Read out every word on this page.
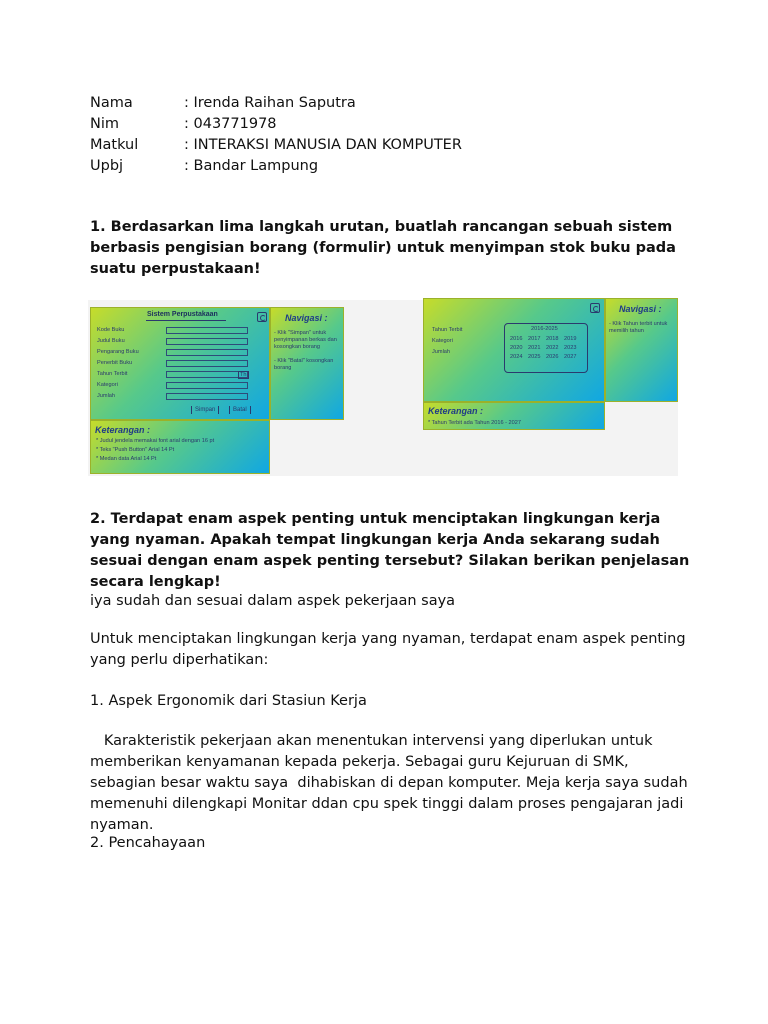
Nama	: Irenda Raihan Saputra
Nim	: 043771978
Matkul	: INTERAKSI MANUSIA DAN KOMPUTER
Upbj	: Bandar Lampung
1. Berdasarkan lima langkah urutan, buatlah rancangan sebuah sistem berbasis pengisian borang (formulir) untuk menyimpan stok buku pada suatu perpustakaan!
Sistem Perpustakaan
Kode Buku
Judul Buku
Pengarang Buku
Penerbit Buku
Tahun Terbit	Th
Kategori
Jumlah
Simpan	Batal
Navigasi :
- Klik "Simpan" untuk penyimpanan berkas dan kosongkan borang

- Klik "Batal" kosongkan borang
Keterangan :
* Judul jendela memakai font arial dengan 16 pt
* Teks "Push Button" Arial 14 Pt
* Medan data Arial 14 Pt
Tahun Terbit
Kategori
Jumlah
2016-2025
2016 2017 2018 2019
2020 2021 2022 2023
2024 2025 2026 2027
Navigasi :
- Klik Tahun terbit untuk memilih tahun
Keterangan :
* Tahun Terbit ada Tahun 2016 - 2027
2. Terdapat enam aspek penting untuk menciptakan lingkungan kerja yang nyaman. Apakah tempat lingkungan kerja Anda sekarang sudah sesuai dengan enam aspek penting tersebut? Silakan berikan penjelasan secara lengkap!
iya sudah dan sesuai dalam aspek pekerjaan saya
Untuk menciptakan lingkungan kerja yang nyaman, terdapat enam aspek penting yang perlu diperhatikan:
1. Aspek Ergonomik dari Stasiun Kerja
Karakteristik pekerjaan akan menentukan intervensi yang diperlukan untuk memberikan kenyamanan kepada pekerja. Sebagai guru Kejuruan di SMK, sebagian besar waktu saya  dihabiskan di depan komputer. Meja kerja saya sudah memenuhi dilengkapi Monitar ddan cpu spek tinggi dalam proses pengajaran jadi nyaman.
2. Pencahayaan
